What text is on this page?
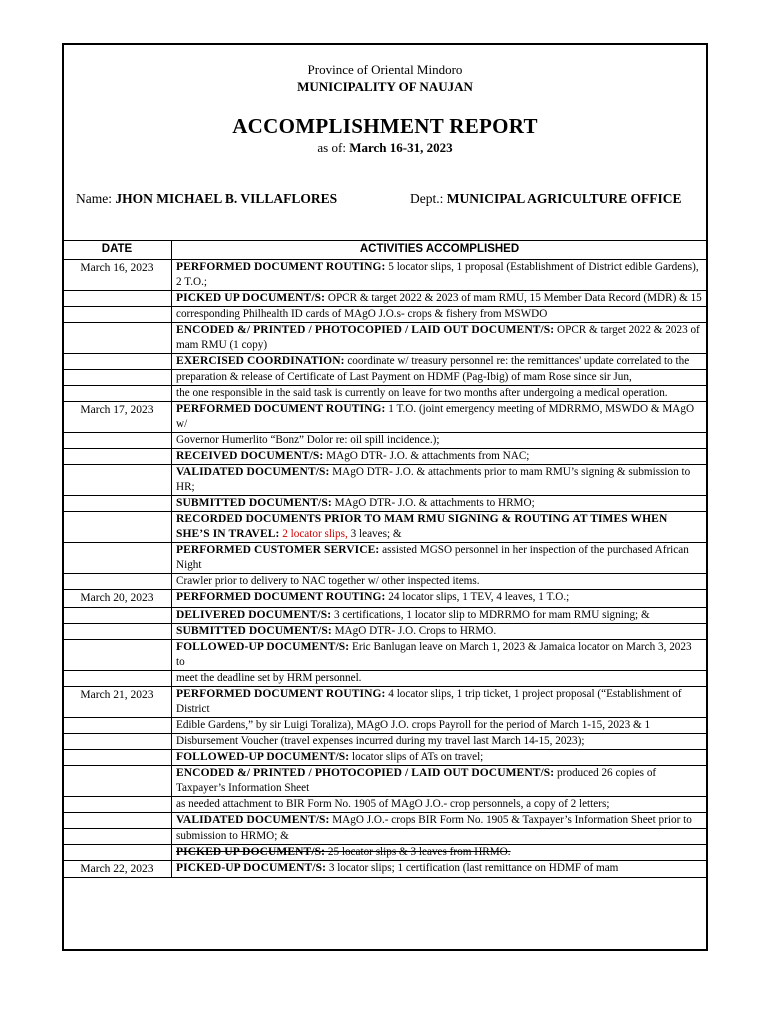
Province of Oriental Mindoro
MUNICIPALITY OF NAUJAN
ACCOMPLISHMENT REPORT
as of: March 16-31, 2023
Name: JHON MICHAEL B. VILLAFLORES	Dept.: MUNICIPAL AGRICULTURE OFFICE
DATE	ACTIVITIES ACCOMPLISHED
March 16, 2023	PERFORMED DOCUMENT ROUTING: 5 locator slips, 1 proposal (Establishment of District edible Gardens), 2 T.O.;
	PICKED UP DOCUMENT/S: OPCR & target 2022 & 2023 of mam RMU, 15 Member Data Record (MDR) & 15
	corresponding Philhealth ID cards of MAgO J.O.s- crops & fishery from MSWDO
	ENCODED &/ PRINTED / PHOTOCOPIED / LAID OUT DOCUMENT/S: OPCR & target 2022 & 2023 of mam RMU (1 copy)
	EXERCISED COORDINATION: coordinate w/ treasury personnel re: the remittances' update correlated to the
	preparation & release of Certificate of Last Payment on HDMF (Pag-Ibig) of mam Rose since sir Jun,
	the one responsible in the said task is currently on leave for two months after undergoing a medical operation.
March 17, 2023	PERFORMED DOCUMENT ROUTING: 1 T.O. (joint emergency meeting of MDRRMO, MSWDO & MAgO w/
	Governor Humerlito “Bonz” Dolor re: oil spill incidence.);
	RECEIVED DOCUMENT/S: MAgO DTR- J.O. & attachments from NAC;
	VALIDATED DOCUMENT/S: MAgO DTR- J.O. & attachments prior to mam RMU’s signing & submission to HR;
	SUBMITTED DOCUMENT/S: MAgO DTR- J.O. & attachments to HRMO;
	RECORDED DOCUMENTS PRIOR TO MAM RMU SIGNING & ROUTING AT TIMES WHEN SHE’S IN TRAVEL: 2 locator slips, 3 leaves; &
	PERFORMED CUSTOMER SERVICE: assisted MGSO personnel in her inspection of the purchased African Night
	Crawler prior to delivery to NAC together w/ other inspected items.
March 20, 2023	PERFORMED DOCUMENT ROUTING: 24 locator slips, 1 TEV, 4 leaves, 1 T.O.;
	DELIVERED DOCUMENT/S: 3 certifications, 1 locator slip to MDRRMO for mam RMU signing; &
	SUBMITTED DOCUMENT/S: MAgO DTR- J.O. Crops to HRMO.
	FOLLOWED-UP DOCUMENT/S: Eric Banlugan leave on March 1, 2023 & Jamaica locator on March 3, 2023 to
	meet the deadline set by HRM personnel.
March 21, 2023	PERFORMED DOCUMENT ROUTING: 4 locator slips, 1 trip ticket, 1 project proposal (“Establishment of District
	Edible Gardens,” by sir Luigi Toraliza), MAgO J.O. crops Payroll for the period of March 1-15, 2023 & 1
	Disbursement Voucher (travel expenses incurred during my travel last March 14-15, 2023);
	FOLLOWED-UP DOCUMENT/S: locator slips of ATs on travel;
	ENCODED &/ PRINTED / PHOTOCOPIED / LAID OUT DOCUMENT/S: produced 26 copies of Taxpayer’s Information Sheet
	as needed attachment to BIR Form No. 1905 of MAgO J.O.- crop personnels, a copy of 2 letters;
	VALIDATED DOCUMENT/S: MAgO J.O.- crops BIR Form No. 1905 & Taxpayer’s Information Sheet prior to
	submission to HRMO; &
	PICKED UP DOCUMENT/S: 25 locator slips & 3 leaves from HRMO.
March 22, 2023	PICKED-UP DOCUMENT/S: 3 locator slips; 1 certification (last remittance on HDMF of mam
